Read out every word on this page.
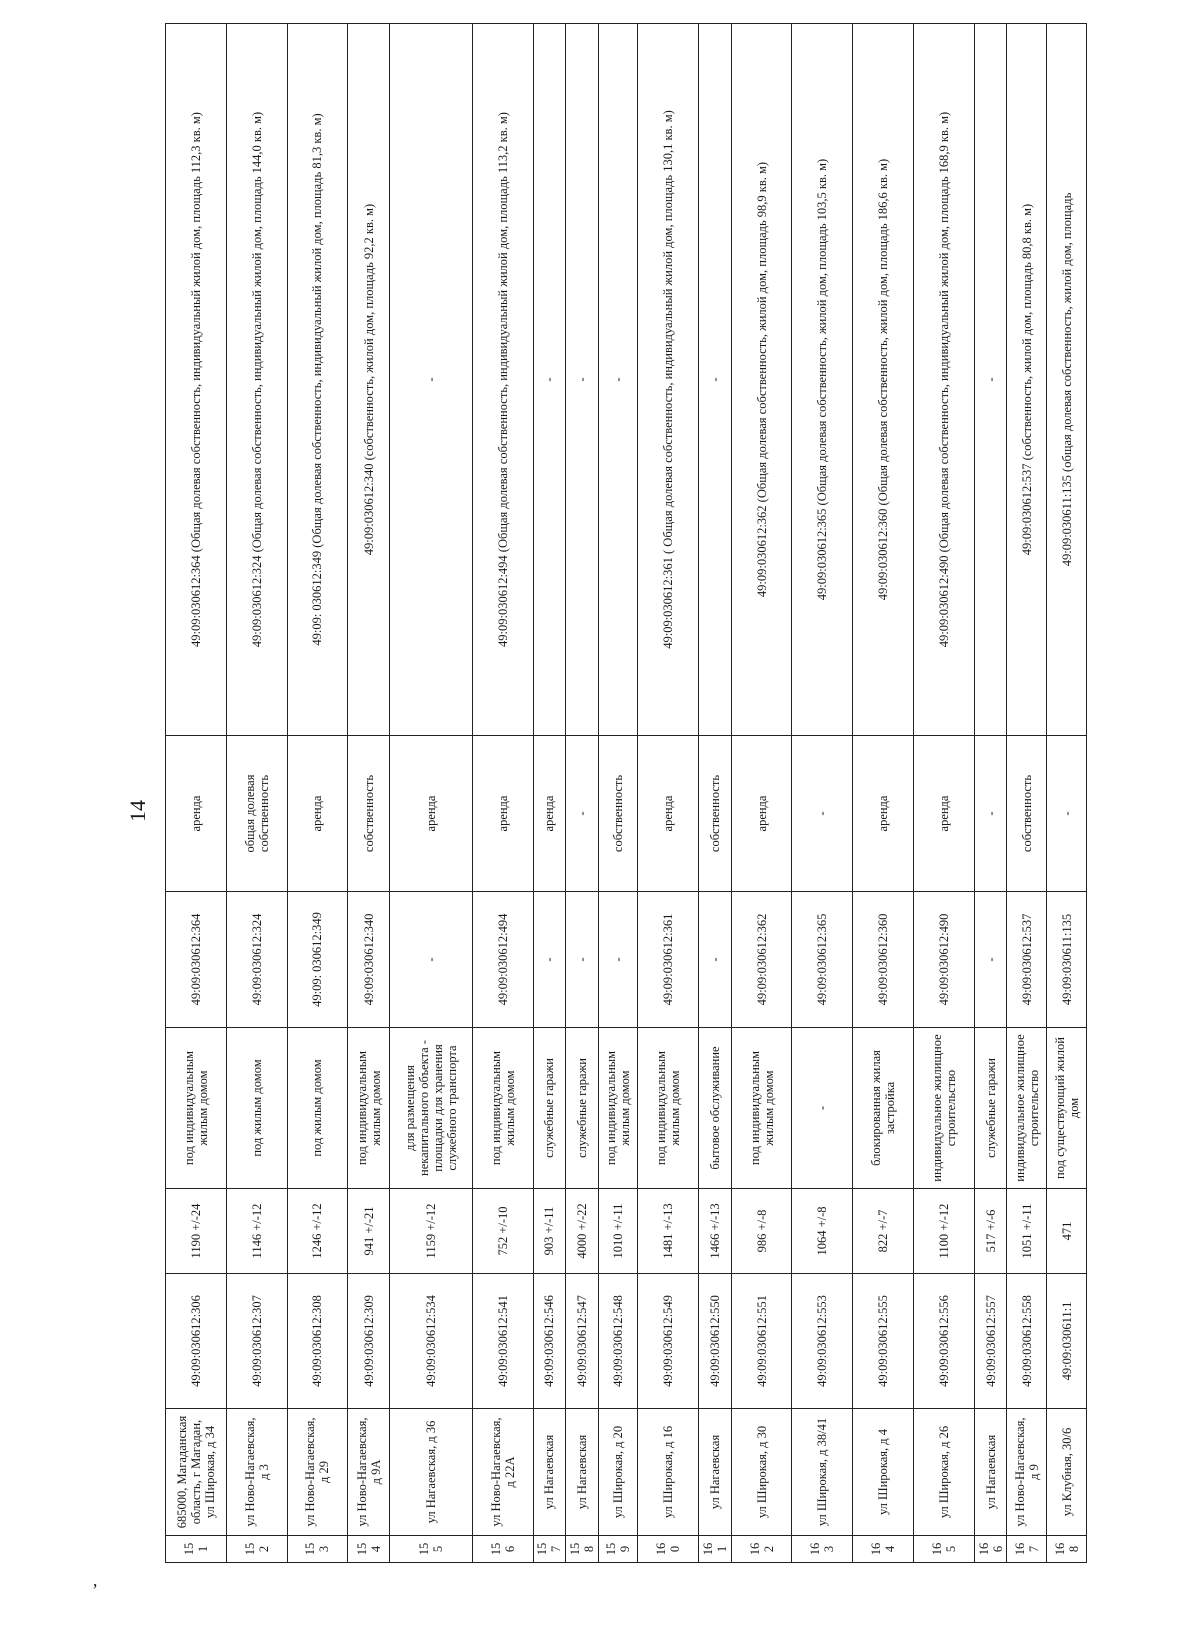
14
’
151	685000, Магаданская область, г Магадан, ул Широкая, д 34	49:09:030612:306	1190 +/-24	под индивидуальным жилым домом	49:09:030612:364	аренда	49:09:030612:364 (Общая долевая собственность, индивидуальный жилой дом, площадь 112,3 кв. м)
152	ул Ново-Нагаевская, д 3	49:09:030612:307	1146 +/-12	под жилым домом	49:09:030612:324	общая долевая собственность	49:09:030612:324 (Общая долевая собственность, индивидуальный жилой дом, площадь 144,0 кв. м)
153	ул Ново-Нагаевская, д 29	49:09:030612:308	1246 +/-12	под жилым домом	49:09: 030612:349	аренда	49:09: 030612:349 (Общая долевая собственность, индивидуальный жилой дом, площадь 81,3 кв. м)
154	ул Ново-Нагаевская, д 9А	49:09:030612:309	941 +/-21	под индивидуальным жилым домом	49:09:030612:340	собственность	49:09:030612:340 (собственность, жилой дом, площадь 92,2 кв. м)
155	ул Нагаевская, д 36	49:09:030612:534	1159 +/-12	для размещения некапитального объекта - площадки для хранения служебного транспорта	-	аренда	-
156	ул Ново-Нагаевская, д 22А	49:09:030612:541	752 +/-10	под индивидуальным жилым домом	49:09:030612:494	аренда	49:09:030612:494 (Общая долевая собственность, индивидуальный жилой дом, площадь 113,2 кв. м)
157	ул Нагаевская	49:09:030612:546	903 +/-11	служебные гаражи	-	аренда	-
158	ул Нагаевская	49:09:030612:547	4000 +/-22	служебные гаражи	-	-	-
159	ул Широкая, д 20	49:09:030612:548	1010 +/-11	под индивидуальным жилым домом	-	собственность	-
160	ул Широкая, д 16	49:09:030612:549	1481 +/-13	под индивидуальным жилым домом	49:09:030612:361	аренда	49:09:030612:361 ( Общая долевая собственность, индивидуальный жилой дом, площадь 130,1 кв. м)
161	ул Нагаевская	49:09:030612:550	1466 +/-13	бытовое обслуживание	-	собственность	-
162	ул Широкая, д 30	49:09:030612:551	986 +/-8	под индивидуальным жилым домом	49:09:030612:362	аренда	49:09:030612:362 (Общая долевая собственность, жилой дом, площадь 98,9 кв. м)
163	ул Широкая, д 38/41	49:09:030612:553	1064 +/-8	-	49:09:030612:365	-	49:09:030612:365 (Общая долевая собственность, жилой дом, площадь 103,5 кв. м)
164	ул Широкая, д 4	49:09:030612:555	822 +/-7	блокированная жилая застройка	49:09:030612:360	аренда	49:09:030612:360 (Общая долевая собственность, жилой дом, площадь 186,6 кв. м)
165	ул Широкая, д 26	49:09:030612:556	1100 +/-12	индивидуальное жилищное строительство	49:09:030612:490	аренда	49:09:030612:490 (Общая долевая собственность, индивидуальный жилой дом, площадь 168,9 кв. м)
166	ул Нагаевская	49:09:030612:557	517 +/-6	служебные гаражи	-	-	-
167	ул Ново-Нагаевская, д 9	49:09:030612:558	1051 +/-11	индивидуальное жилищное строительство	49:09:030612:537	собственность	49:09:030612:537 (собственность, жилой дом, площадь 80,8 кв. м)
168	ул Клубная, 30/6	49:09:030611:1	471	под существующий жилой дом	49:09:030611:135	-	49:09:030611:135 (общая долевая собственность, жилой дом, площадь
